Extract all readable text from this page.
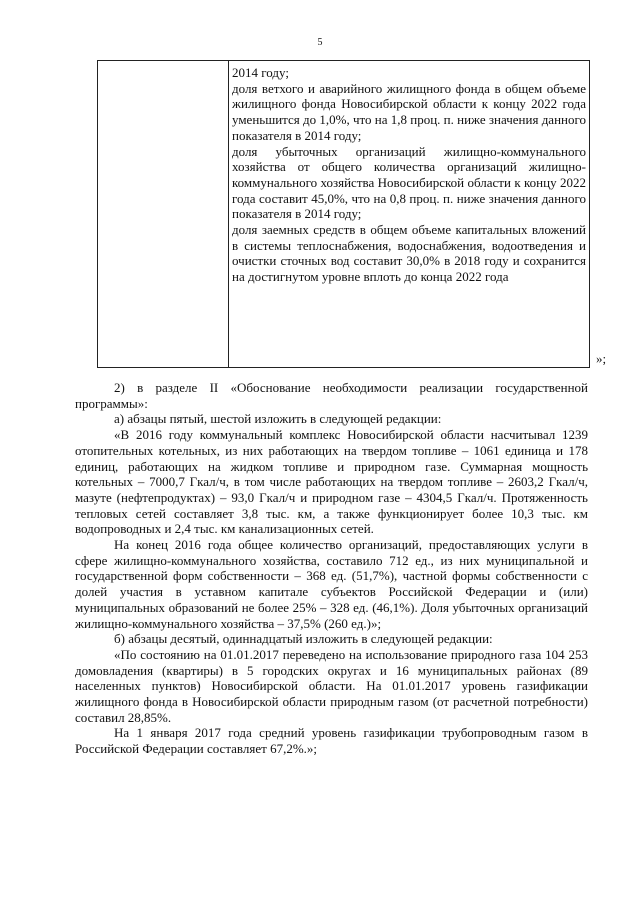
5

2014 году;

доля ветхого и аварийного жилищного фонда в общем объеме жилищного фонда Новосибирской области к концу 2022 года уменьшится до 1,0%, что на 1,8 проц. п. ниже значения данного показателя в 2014 году;

доля убыточных организаций жилищно-коммунального хозяйства от общего количества организаций жилищно-коммунального хозяйства Новосибирской области к концу 2022 года составит 45,0%, что на 0,8 проц. п. ниже значения данного показателя в 2014 году;

доля заемных средств в общем объеме капитальных вложений в системы теплоснабжения, водоснабжения, водоотведения и очистки сточных вод составит 30,0% в 2018 году и сохранится на достигнутом уровне вплоть до конца 2022 года

»;

2) в разделе II «Обоснование необходимости реализации государственной программы»:

а) абзацы пятый, шестой изложить в следующей редакции:

«В 2016 году коммунальный комплекс Новосибирской области насчитывал 1239 отопительных котельных, из них работающих на твердом топливе – 1061 единица и 178 единиц, работающих на жидком топливе и природном газе. Суммарная мощность котельных – 7000,7 Гкал/ч, в том числе работающих на твердом топливе – 2603,2 Гкал/ч, мазуте (нефтепродуктах) – 93,0 Гкал/ч и природном газе – 4304,5 Гкал/ч. Протяженность тепловых сетей составляет 3,8 тыс. км, а также функционирует более 10,3 тыс. км водопроводных и 2,4 тыс. км канализационных сетей.

На конец 2016 года общее количество организаций, предоставляющих услуги в сфере жилищно-коммунального хозяйства, составило 712 ед., из них муниципальной и государственной форм собственности – 368 ед. (51,7%), частной формы собственности с долей участия в уставном капитале субъектов Российской Федерации и (или) муниципальных образований не более 25% – 328 ед. (46,1%). Доля убыточных организаций жилищно-коммунального хозяйства – 37,5% (260 ед.)»;

б) абзацы десятый, одиннадцатый изложить в следующей редакции:

«По состоянию на 01.01.2017 переведено на использование природного газа 104 253 домовладения (квартиры) в 5 городских округах и 16 муниципальных районах (89 населенных пунктов) Новосибирской области. На 01.01.2017 уровень газификации жилищного фонда в Новосибирской области природным газом (от расчетной потребности) составил 28,85%.

На 1 января 2017 года средний уровень газификации трубопроводным газом в Российской Федерации составляет 67,2%.»;
